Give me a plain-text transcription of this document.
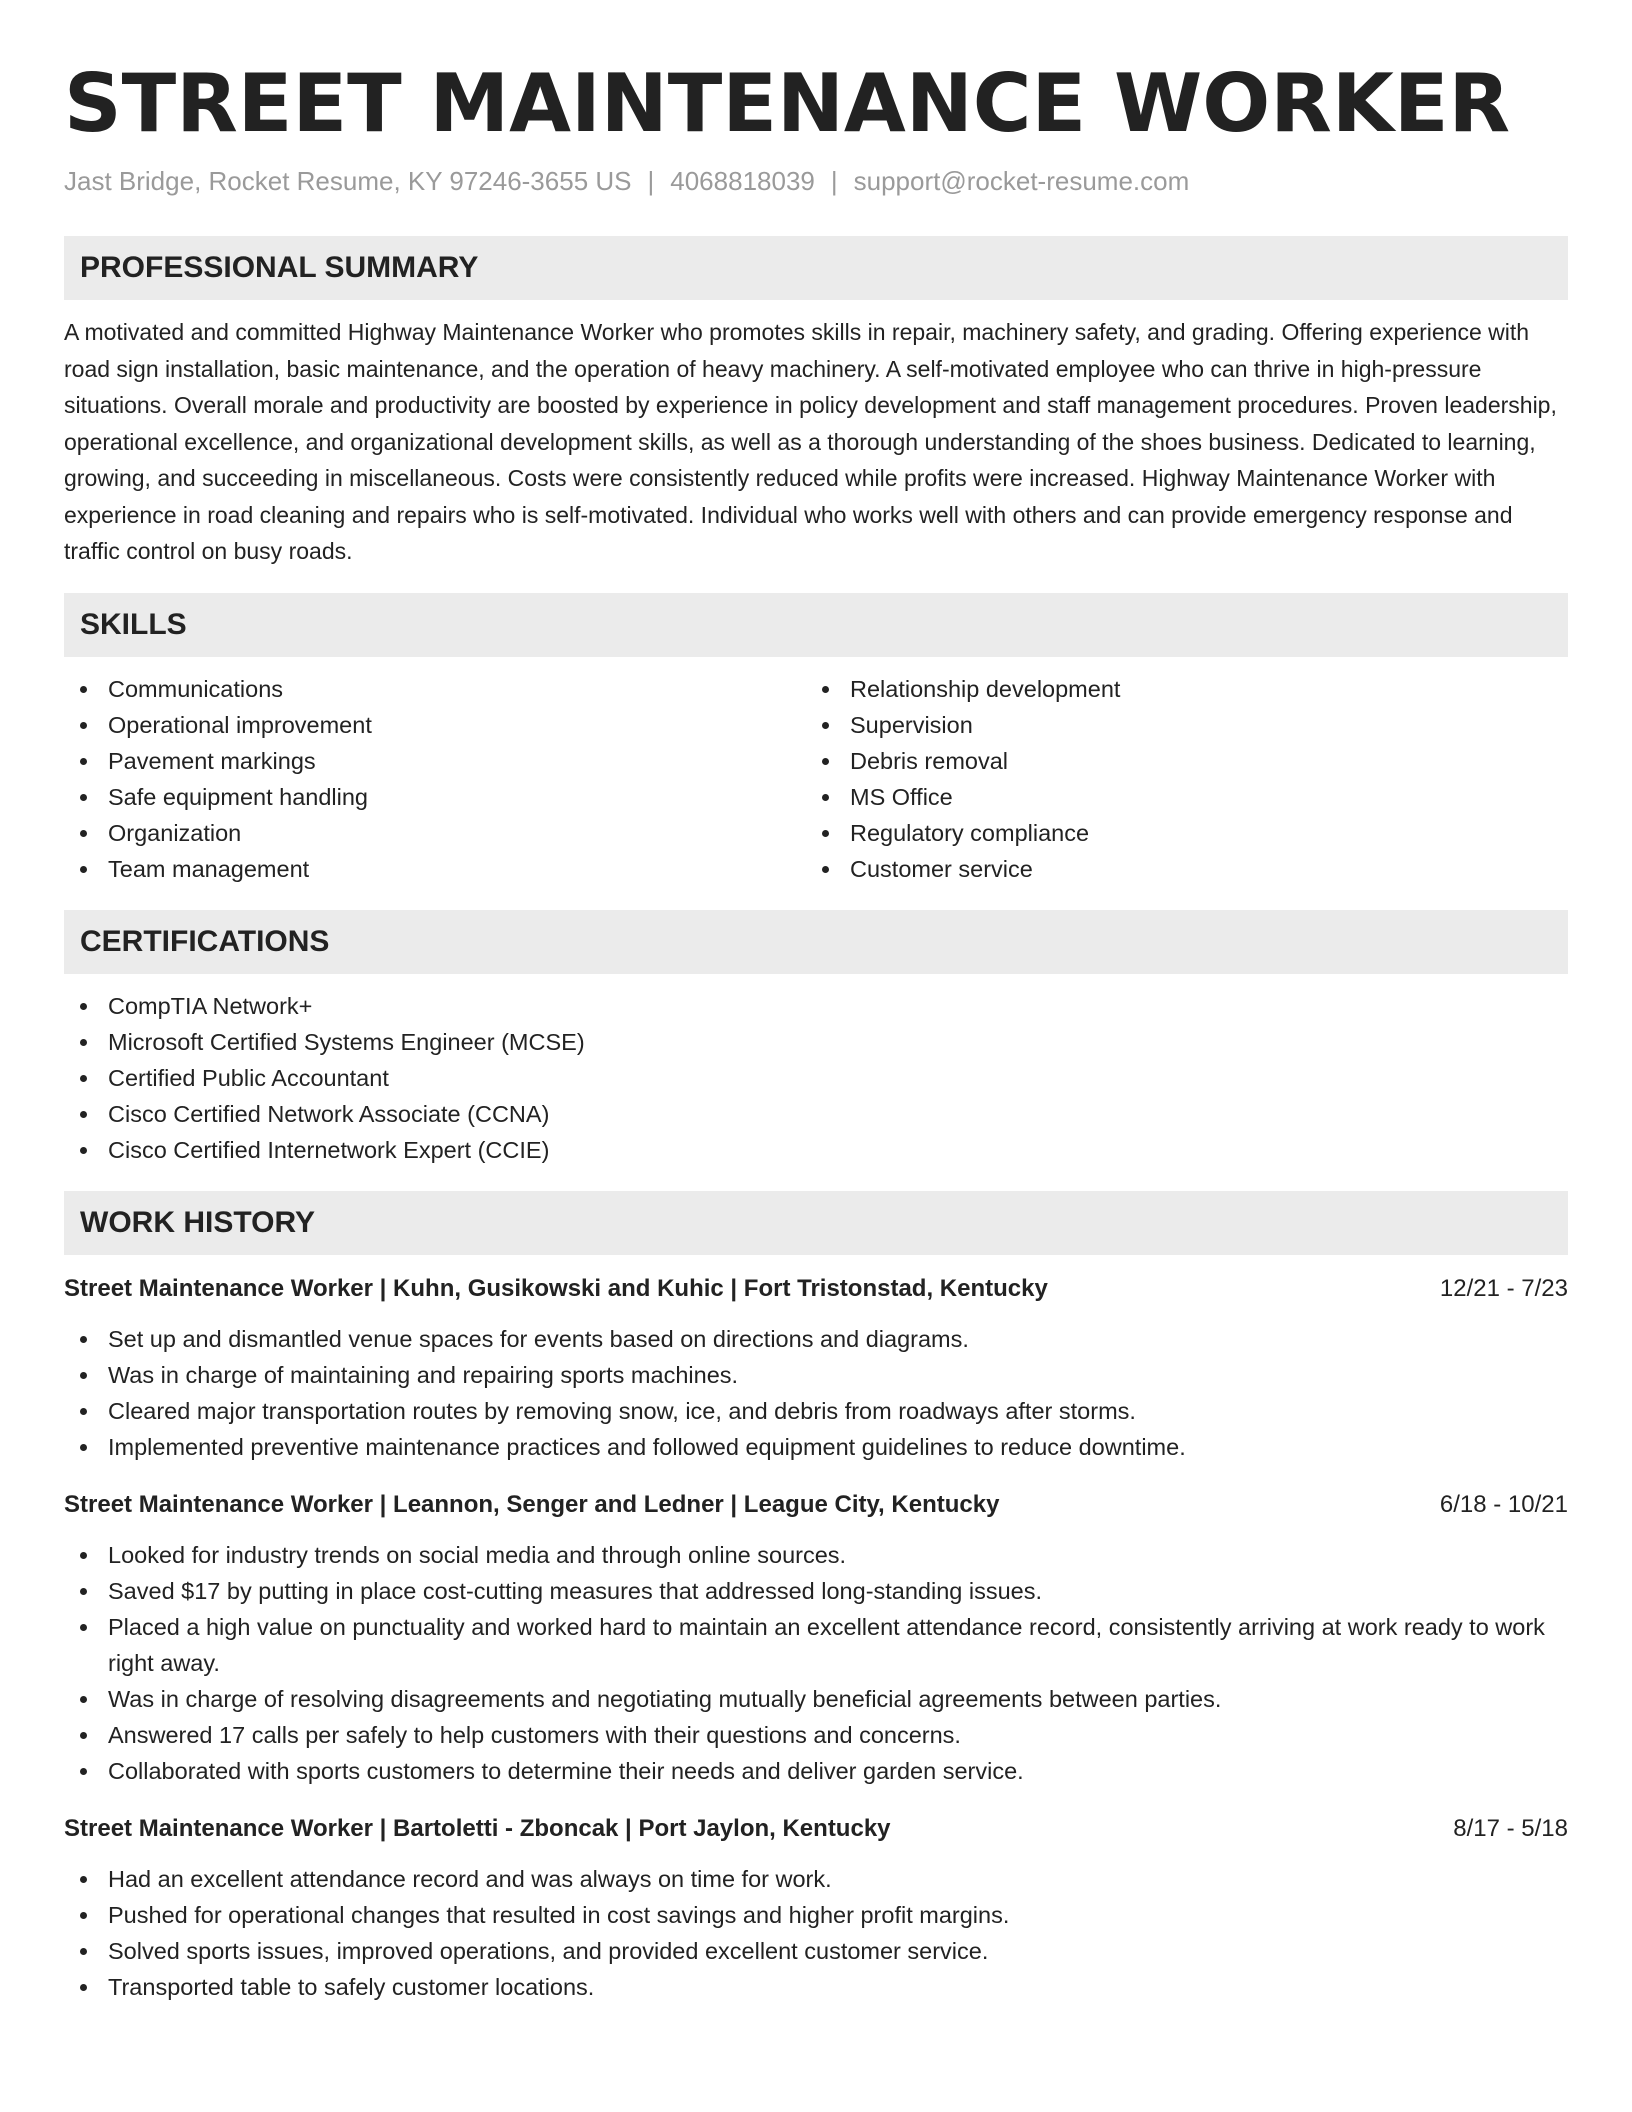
STREET MAINTENANCE WORKER
Jast Bridge, Rocket Resume, KY 97246-3655 US | 4068818039 | support@rocket-resume.com
PROFESSIONAL SUMMARY

A motivated and committed Highway Maintenance Worker who promotes skills in repair, machinery safety, and grading. Offering experience with road sign installation, basic maintenance, and the operation of heavy machinery. A self-motivated employee who can thrive in high-pressure situations. Overall morale and productivity are boosted by experience in policy development and staff management procedures. Proven leadership, operational excellence, and organizational development skills, as well as a thorough understanding of the shoes business. Dedicated to learning, growing, and succeeding in miscellaneous. Costs were consistently reduced while profits were increased. Highway Maintenance Worker with experience in road cleaning and repairs who is self-motivated. Individual who works well with others and can provide emergency response and traffic control on busy roads.

SKILLS
Communications
Operational improvement
Pavement markings
Safe equipment handling
Organization
Team management
Relationship development
Supervision
Debris removal
MS Office
Regulatory compliance
Customer service
CERTIFICATIONS
CompTIA Network+
Microsoft Certified Systems Engineer (MCSE)
Certified Public Accountant
Cisco Certified Network Associate (CCNA)
Cisco Certified Internetwork Expert (CCIE)
WORK HISTORY
Street Maintenance Worker | Kuhn, Gusikowski and Kuhic | Fort Tristonstad, Kentucky	12/21 - 7/23
Set up and dismantled venue spaces for events based on directions and diagrams.
Was in charge of maintaining and repairing sports machines.
Cleared major transportation routes by removing snow, ice, and debris from roadways after storms.
Implemented preventive maintenance practices and followed equipment guidelines to reduce downtime.
Street Maintenance Worker | Leannon, Senger and Ledner | League City, Kentucky	6/18 - 10/21
Looked for industry trends on social media and through online sources.
Saved $17 by putting in place cost-cutting measures that addressed long-standing issues.
Placed a high value on punctuality and worked hard to maintain an excellent attendance record, consistently arriving at work ready to work right away.
Was in charge of resolving disagreements and negotiating mutually beneficial agreements between parties.
Answered 17 calls per safely to help customers with their questions and concerns.
Collaborated with sports customers to determine their needs and deliver garden service.
Street Maintenance Worker | Bartoletti - Zboncak | Port Jaylon, Kentucky	8/17 - 5/18
Had an excellent attendance record and was always on time for work.
Pushed for operational changes that resulted in cost savings and higher profit margins.
Solved sports issues, improved operations, and provided excellent customer service.
Transported table to safely customer locations.
